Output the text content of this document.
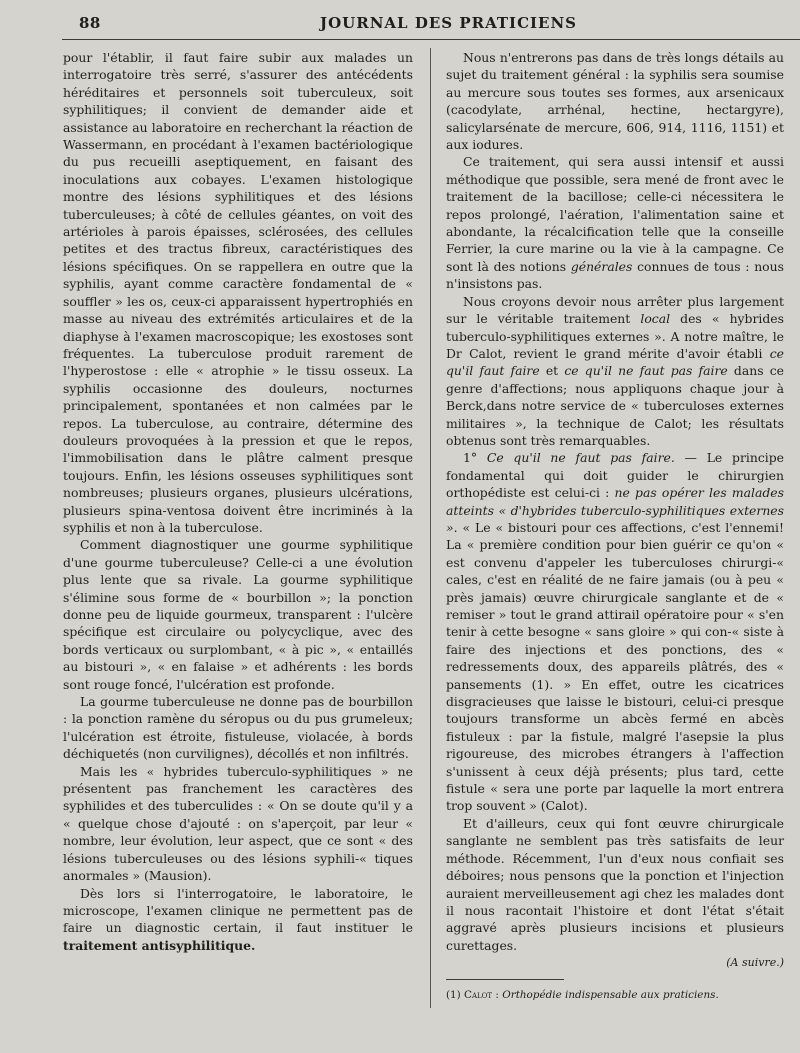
88	JOURNAL DES PRATICIENS

pour l'établir, il faut faire subir aux malades un interrogatoire très serré, s'assurer des antécédents héréditaires et personnels soit tuberculeux, soit syphilitiques; il convient de demander aide et assistance au laboratoire en recherchant la réaction de Wassermann, en procédant à l'examen bactériologique du pus recueilli aseptiquement, en faisant des inoculations aux cobayes. L'examen histologique montre des lésions syphilitiques et des lésions tuberculeuses; à côté de cellules géantes, on voit des artérioles à parois épaisses, sclérosées, des cellules petites et des tractus fibreux, caractéristiques des lésions spécifiques. On se rappellera en outre que la syphilis, ayant comme caractère fondamental de « souffler » les os, ceux-ci apparaissent hypertrophiés en masse au niveau des extrémités articulaires et de la diaphyse à l'examen macroscopique; les exostoses sont fréquentes. La tuberculose produit rarement de l'hyperostose : elle « atrophie » le tissu osseux. La syphilis occasionne des douleurs, nocturnes principalement, spontanées et non calmées par le repos. La tuberculose, au contraire, détermine des douleurs provoquées à la pression et que le repos, l'immobilisation dans le plâtre calment presque toujours. Enfin, les lésions osseuses syphilitiques sont nombreuses; plusieurs organes, plusieurs ulcérations, plusieurs spina-ventosa doivent être incriminés à la syphilis et non à la tuberculose.

Comment diagnostiquer une gourme syphilitique d'une gourme tuberculeuse? Celle-ci a une évolution plus lente que sa rivale. La gourme syphilitique s'élimine sous forme de « bourbillon »; la ponction donne peu de liquide gourmeux, transparent : l'ulcère spécifique est circulaire ou polycyclique, avec des bords verticaux ou surplombant, « à pic », « entaillés au bistouri », « en falaise » et adhérents : les bords sont rouge foncé, l'ulcération est profonde.

La gourme tuberculeuse ne donne pas de bourbillon : la ponction ramène du séropus ou du pus grumeleux; l'ulcération est étroite, fistuleuse, violacée, à bords déchiquetés (non curvilignes), décollés et non infiltrés.

Mais les « hybrides tuberculo-syphilitiques » ne présentent pas franchement les caractères des syphilides et des tuberculides : « On se doute qu'il y a « quelque chose d'ajouté : on s'aperçoit, par leur « nombre, leur évolution, leur aspect, que ce sont « des lésions tuberculeuses ou des lésions syphili-« tiques anormales » (Mausion).

Dès lors si l'interrogatoire, le laboratoire, le microscope, l'examen clinique ne permettent pas de faire un diagnostic certain, il faut instituer le traitement antisyphilitique.

Nous n'entrerons pas dans de très longs détails au sujet du traitement général : la syphilis sera soumise au mercure sous toutes ses formes, aux arsenicaux (cacodylate, arrhénal, hectine, hectargyre), salicylarsénate de mercure, 606, 914, 1116, 1151) et aux iodures.

Ce traitement, qui sera aussi intensif et aussi méthodique que possible, sera mené de front avec le traitement de la bacillose; celle-ci nécessitera le repos prolongé, l'aération, l'alimentation saine et abondante, la récalcification telle que la conseille Ferrier, la cure marine ou la vie à la campagne. Ce sont là des notions générales connues de tous : nous n'insistons pas.

Nous croyons devoir nous arrêter plus largement sur le véritable traitement local des « hybrides tuberculo-syphilitiques externes ». A notre maître, le Dr Calot, revient le grand mérite d'avoir établi ce qu'il faut faire et ce qu'il ne faut pas faire dans ce genre d'affections; nous appliquons chaque jour à Berck,dans notre service de « tuberculoses externes militaires », la technique de Calot; les résultats obtenus sont très remarquables.

1° Ce qu'il ne faut pas faire. — Le principe fondamental qui doit guider le chirurgien orthopédiste est celui-ci : ne pas opérer les malades atteints « d'hybrides tuberculo-syphilitiques externes ». « Le « bistouri pour ces affections, c'est l'ennemi! La « première condition pour bien guérir ce qu'on « est convenu d'appeler les tuberculoses chirurgi-« cales, c'est en réalité de ne faire jamais (ou à peu « près jamais) œuvre chirurgicale sanglante et de « remiser » tout le grand attirail opératoire pour « s'en tenir à cette besogne « sans gloire » qui con-« siste à faire des injections et des ponctions, des « redressements doux, des appareils plâtrés, des « pansements (1). » En effet, outre les cicatrices disgracieuses que laisse le bistouri, celui-ci presque toujours transforme un abcès fermé en abcès fistuleux : par la fistule, malgré l'asepsie la plus rigoureuse, des microbes étrangers à l'affection s'unissent à ceux déjà présents; plus tard, cette fistule « sera une porte par laquelle la mort entrera trop souvent » (Calot).

Et d'ailleurs, ceux qui font œuvre chirurgicale sanglante ne semblent pas très satisfaits de leur méthode. Récemment, l'un d'eux nous confiait ses déboires; nous pensons que la ponction et l'injection auraient merveilleusement agi chez les malades dont il nous racontait l'histoire et dont l'état s'était aggravé après plusieurs incisions et plusieurs curettages.

(A suivre.)

(1) Calot : Orthopédie indispensable aux praticiens.
